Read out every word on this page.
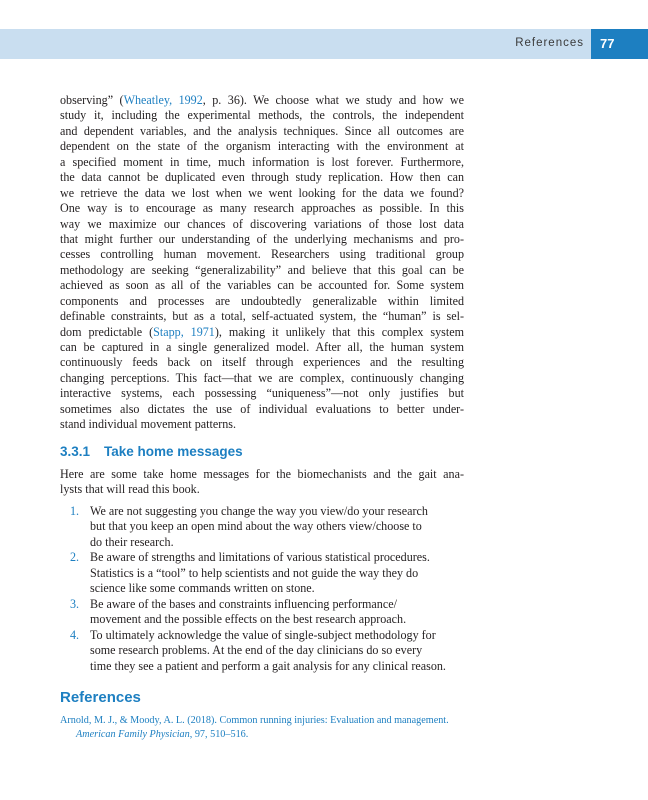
References 77
observing” (Wheatley, 1992, p. 36). We choose what we study and how we
study it, including the experimental methods, the controls, the independent
and dependent variables, and the analysis techniques. Since all outcomes are
dependent on the state of the organism interacting with the environment at
a specified moment in time, much information is lost forever. Furthermore,
the data cannot be duplicated even through study replication. How then can
we retrieve the data we lost when we went looking for the data we found?
One way is to encourage as many research approaches as possible. In this
way we maximize our chances of discovering variations of those lost data
that might further our understanding of the underlying mechanisms and pro-
cesses controlling human movement. Researchers using traditional group
methodology are seeking “generalizability” and believe that this goal can be
achieved as soon as all of the variables can be accounted for. Some system
components and processes are undoubtedly generalizable within limited
definable constraints, but as a total, self-actuated system, the “human” is sel-
dom predictable (Stapp, 1971), making it unlikely that this complex system
can be captured in a single generalized model. After all, the human system
continuously feeds back on itself through experiences and the resulting
changing perceptions. This fact—that we are complex, continuously changing
interactive systems, each possessing “uniqueness”—not only justifies but
sometimes also dictates the use of individual evaluations to better under-
stand individual movement patterns.
3.3.1 Take home messages
Here are some take home messages for the biomechanists and the gait ana-
lysts that will read this book.
1. We are not suggesting you change the way you view/do your research
but that you keep an open mind about the way others view/choose to
do their research.
2. Be aware of strengths and limitations of various statistical procedures.
Statistics is a “tool” to help scientists and not guide the way they do
science like some commands written on stone.
3. Be aware of the bases and constraints influencing performance/
movement and the possible effects on the best research approach.
4. To ultimately acknowledge the value of single-subject methodology for
some research problems. At the end of the day clinicians do so every
time they see a patient and perform a gait analysis for any clinical reason.
References
Arnold, M. J., & Moody, A. L. (2018). Common running injuries: Evaluation and management.
American Family Physician, 97, 510–516.
